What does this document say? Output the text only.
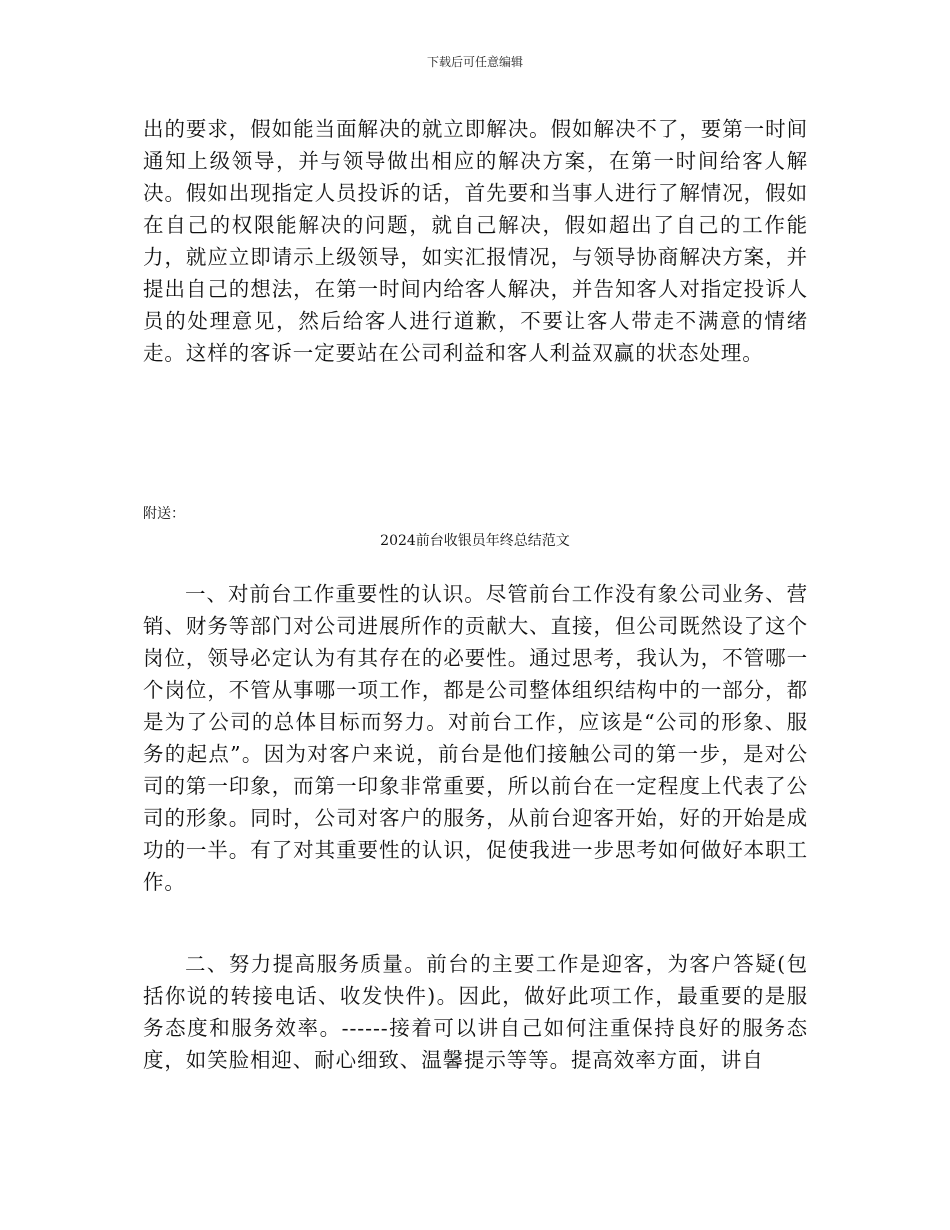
下载后可任意编辑

出的要求，假如能当面解决的就立即解决。假如解决不了，要第一时间通知上级领导，并与领导做出相应的解决方案，在第一时间给客人解决。假如出现指定人员投诉的话，首先要和当事人进行了解情况，假如在自己的权限能解决的问题，就自己解决，假如超出了自己的工作能力，就应立即请示上级领导，如实汇报情况，与领导协商解决方案，并提出自己的想法，在第一时间内给客人解决，并告知客人对指定投诉人员的处理意见，然后给客人进行道歉，不要让客人带走不满意的情绪走。这样的客诉一定要站在公司利益和客人利益双赢的状态处理。

附送：
2024前台收银员年终总结范文

一、对前台工作重要性的认识。尽管前台工作没有象公司业务、营销、财务等部门对公司进展所作的贡献大、直接，但公司既然设了这个岗位，领导必定认为有其存在的必要性。通过思考，我认为，不管哪一个岗位，不管从事哪一项工作，都是公司整体组织结构中的一部分，都是为了公司的总体目标而努力。对前台工作，应该是“公司的形象、服务的起点”。因为对客户来说，前台是他们接触公司的第一步，是对公司的第一印象，而第一印象非常重要，所以前台在一定程度上代表了公司的形象。同时，公司对客户的服务，从前台迎客开始，好的开始是成功的一半。有了对其重要性的认识，促使我进一步思考如何做好本职工作。

二、努力提高服务质量。前台的主要工作是迎客，为客户答疑(包括你说的转接电话、收发快件)。因此，做好此项工作，最重要的是服务态度和服务效率。------接着可以讲自己如何注重保持良好的服务态度，如笑脸相迎、耐心细致、温馨提示等等。提高效率方面，讲自
